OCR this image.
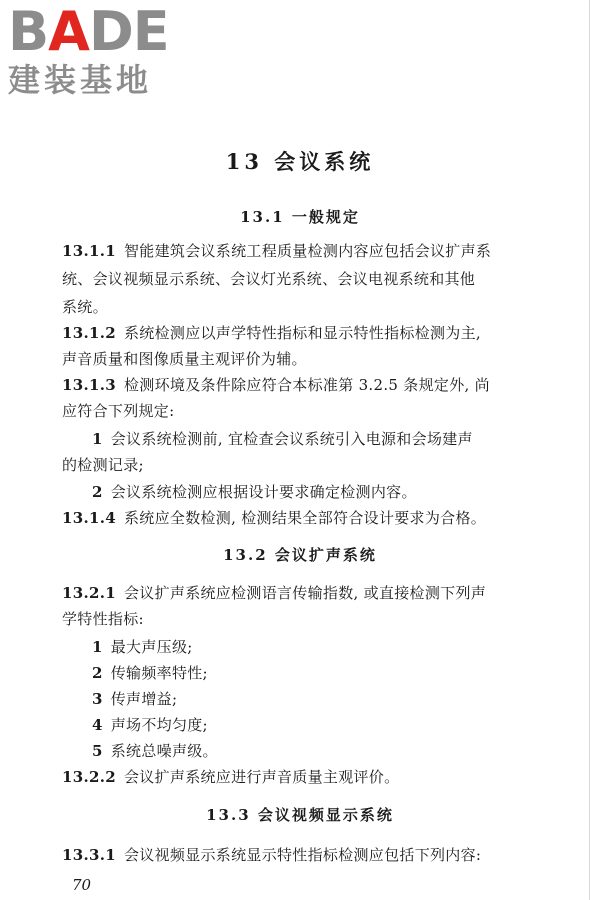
BADE
建装基地
13 会议系统
13.1 一般规定
13.1.1 智能建筑会议系统工程质量检测内容应包括会议扩声系
统、会议视频显示系统、会议灯光系统、会议电视系统和其他
系统。
13.1.2 系统检测应以声学特性指标和显示特性指标检测为主,
声音质量和图像质量主观评价为辅。
13.1.3 检测环境及条件除应符合本标准第 3.2.5 条规定外, 尚
应符合下列规定:
1 会议系统检测前, 宜检查会议系统引入电源和会场建声
的检测记录;
2 会议系统检测应根据设计要求确定检测内容。
13.1.4 系统应全数检测, 检测结果全部符合设计要求为合格。
13.2 会议扩声系统
13.2.1 会议扩声系统应检测语言传输指数, 或直接检测下列声
学特性指标:
1 最大声压级;
2 传输频率特性;
3 传声增益;
4 声场不均匀度;
5 系统总噪声级。
13.2.2 会议扩声系统应进行声音质量主观评价。
13.3 会议视频显示系统
13.3.1 会议视频显示系统显示特性指标检测应包括下列内容:
70
